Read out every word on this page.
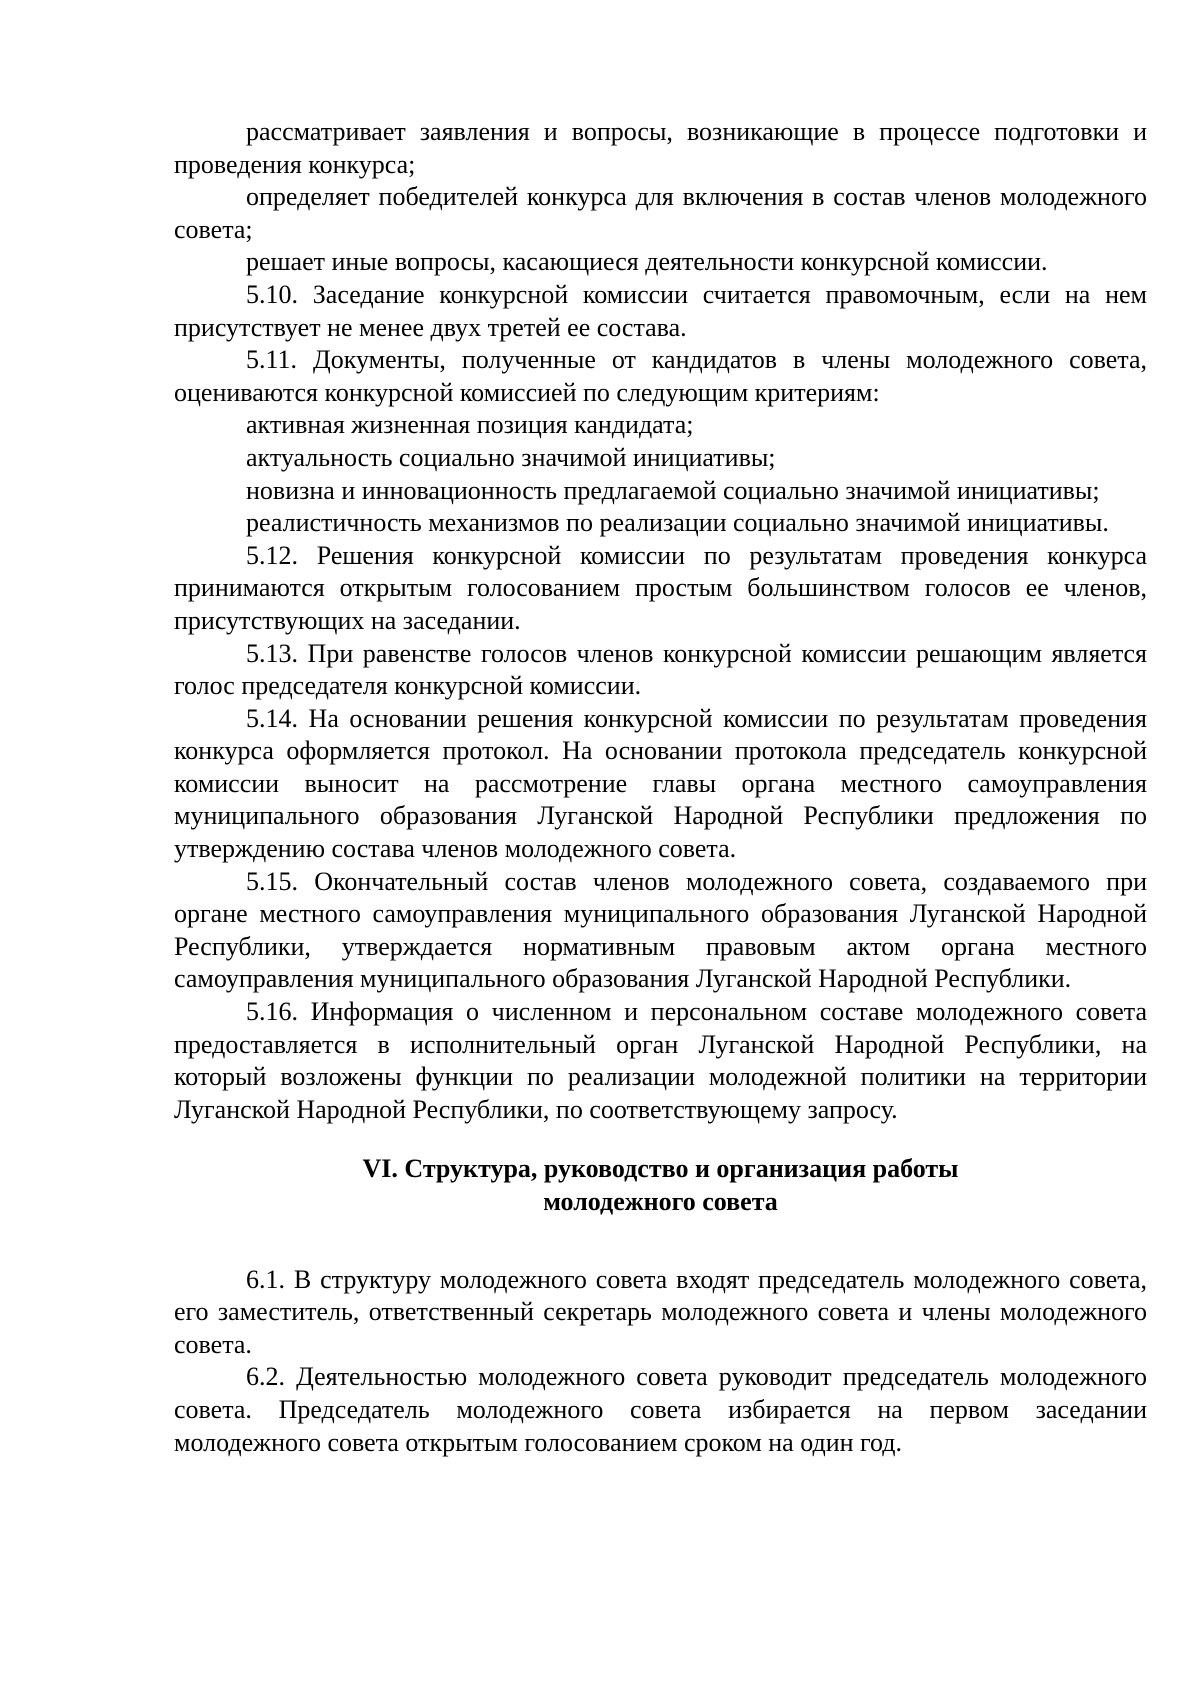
рассматривает заявления и вопросы, возникающие в процессе подготовки и проведения конкурса;

определяет победителей конкурса для включения в состав членов молодежного совета;

решает иные вопросы, касающиеся деятельности конкурсной комиссии.

5.10. Заседание конкурсной комиссии считается правомочным, если на нем присутствует не менее двух третей ее состава.

5.11. Документы, полученные от кандидатов в члены молодежного совета, оцениваются конкурсной комиссией по следующим критериям:

активная жизненная позиция кандидата;

актуальность социально значимой инициативы;

новизна и инновационность предлагаемой социально значимой инициативы;

реалистичность механизмов по реализации социально значимой инициативы.

5.12. Решения конкурсной комиссии по результатам проведения конкурса принимаются открытым голосованием простым большинством голосов ее членов, присутствующих на заседании.

5.13. При равенстве голосов членов конкурсной комиссии решающим является голос председателя конкурсной комиссии.

5.14. На основании решения конкурсной комиссии по результатам проведения конкурса оформляется протокол. На основании протокола председатель конкурсной комиссии выносит на рассмотрение главы органа местного самоуправления муниципального образования Луганской Народной Республики предложения по утверждению состава членов молодежного совета.

5.15. Окончательный состав членов молодежного совета, создаваемого при органе местного самоуправления муниципального образования Луганской Народной Республики, утверждается нормативным правовым актом органа местного самоуправления муниципального образования Луганской Народной Республики.

5.16. Информация о численном и персональном составе молодежного совета предоставляется в исполнительный орган Луганской Народной Республики, на который возложены функции по реализации молодежной политики на территории Луганской Народной Республики, по соответствующему запросу.

VI. Структура, руководство и организация работы
молодежного совета

6.1. В структуру молодежного совета входят председатель молодежного совета, его заместитель, ответственный секретарь молодежного совета и члены молодежного совета.

6.2. Деятельностью молодежного совета руководит председатель молодежного совета. Председатель молодежного совета избирается на первом заседании молодежного совета открытым голосованием сроком на один год.
